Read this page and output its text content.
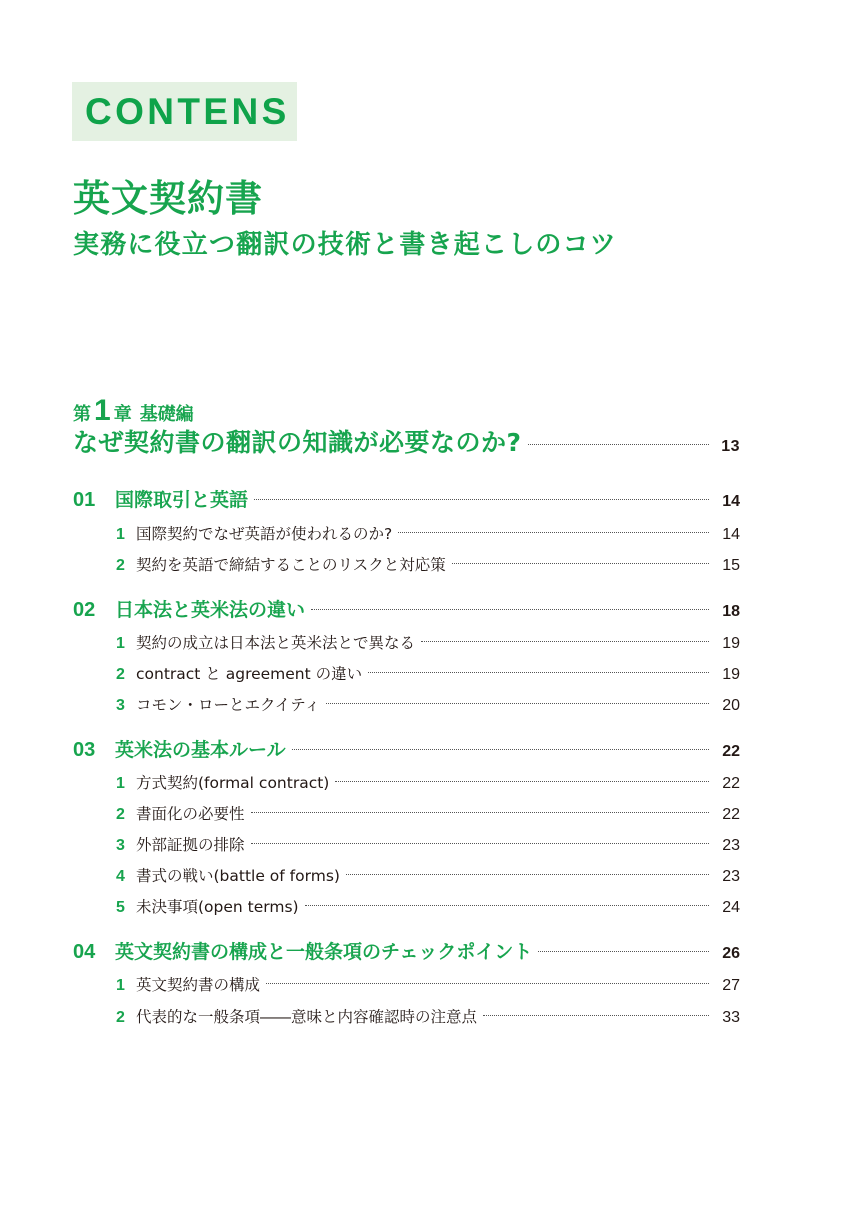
CONTENS
英文契約書
実務に役立つ翻訳の技術と書き起こしのコツ
第 1 章 基礎編
なぜ契約書の翻訳の知識が必要なのか?	13
01	国際取引と英語	14
1 国際契約でなぜ英語が使われるのか?	14
2 契約を英語で締結することのリスクと対応策	15
02	日本法と英米法の違い	18
1 契約の成立は日本法と英米法とで異なる	19
2 contract と agreement の違い	19
3 コモン・ローとエクイティ	20
03	英米法の基本ルール	22
1 方式契約(formal contract)	22
2 書面化の必要性	22
3 外部証拠の排除	23
4 書式の戦い(battle of forms)	23
5 未決事項(open terms)	24
04	英文契約書の構成と一般条項のチェックポイント	26
1 英文契約書の構成	27
2 代表的な一般条項――意味と内容確認時の注意点	33
